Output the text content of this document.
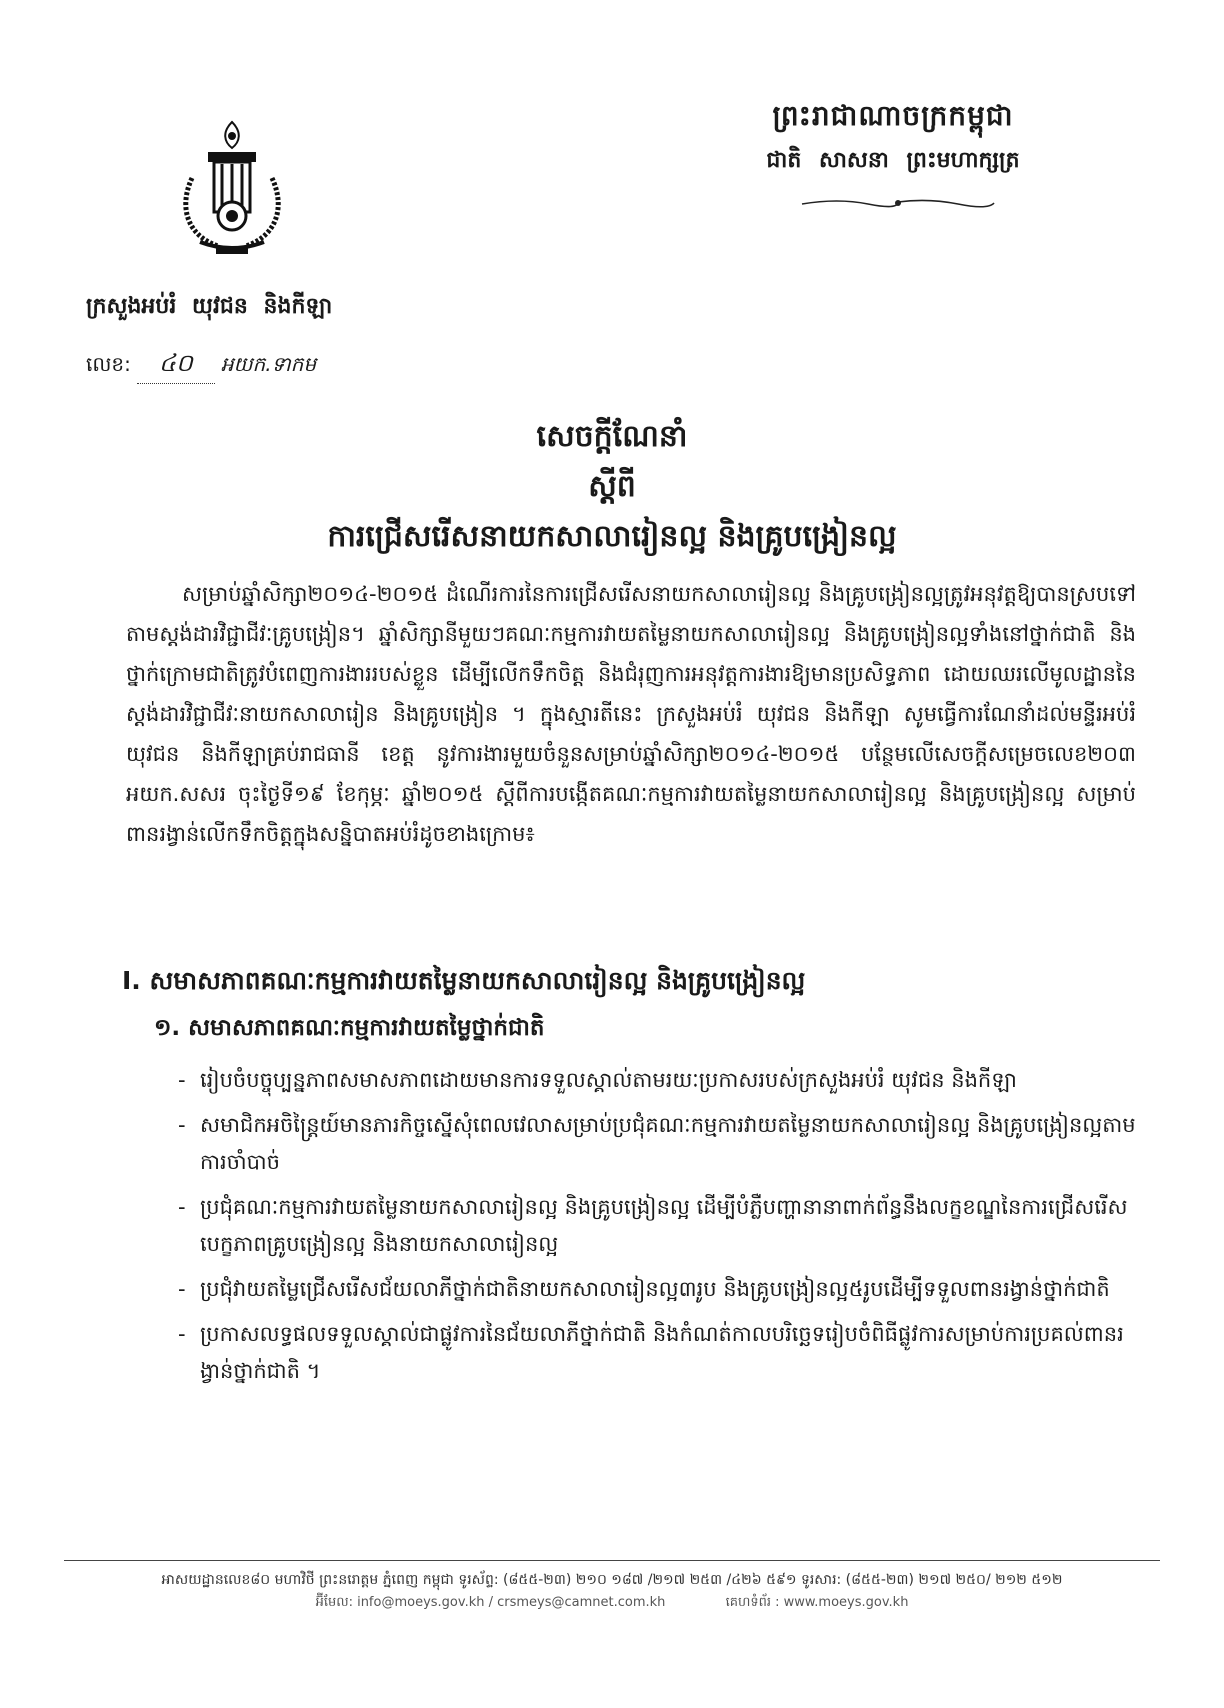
ព្រះរាជាណាចក្រកម្ពុជា
ជាតិ សាសនា ព្រះមហាក្សត្រ
ក្រសួងអប់រំ យុវជន និងកីឡា
លេខ:	៤០	អយក.ទាកម
សេចក្តីណែនាំ
ស្តីពី
ការជ្រើសរើសនាយកសាលារៀនល្អ និងគ្រូបង្រៀនល្អ
សម្រាប់ឆ្នាំសិក្សា២០១៤-២០១៥ ដំណើរការនៃការជ្រើសរើសនាយកសាលារៀនល្អ និងគ្រូបង្រៀនល្អត្រូវអនុវត្តឱ្យបានស្របទៅតាមស្តង់ដារវិជ្ជាជីវៈគ្រូបង្រៀន។ ឆ្នាំសិក្សានីមួយៗគណៈកម្មការវាយតម្លៃនាយកសាលារៀនល្អ និងគ្រូបង្រៀនល្អទាំងនៅថ្នាក់ជាតិ និងថ្នាក់ក្រោមជាតិត្រូវបំពេញការងាររបស់ខ្លួន ដើម្បីលើកទឹកចិត្ត និងជំរុញការអនុវត្តការងារឱ្យមានប្រសិទ្ធភាព ដោយឈរលើមូលដ្ឋាននៃស្តង់ដារវិជ្ជាជីវៈនាយកសាលារៀន និងគ្រូបង្រៀន ។ ក្នុងស្មារតីនេះ ក្រសួងអប់រំ យុវជន និងកីឡា សូមធ្វើការណែនាំដល់មន្ទីរអប់រំ យុវជន និងកីឡាគ្រប់រាជធានី ខេត្ត នូវការងារមួយចំនួនសម្រាប់ឆ្នាំសិក្សា២០១៤-២០១៥ បន្ថែមលើសេចក្តីសម្រេចលេខ២០៣ អយក.សសរ ចុះថ្ងៃទី១៩ ខែកុម្ភៈ ឆ្នាំ២០១៥ ស្តីពីការបង្កើតគណៈកម្មការវាយតម្លៃនាយកសាលារៀនល្អ និងគ្រូបង្រៀនល្អ សម្រាប់ពានរង្វាន់លើកទឹកចិត្តក្នុងសន្និបាតអប់រំដូចខាងក្រោម៖
I. សមាសភាពគណៈកម្មការវាយតម្លៃនាយកសាលារៀនល្អ និងគ្រូបង្រៀនល្អ
១. សមាសភាពគណៈកម្មការវាយតម្លៃថ្នាក់ជាតិ
- រៀបចំបច្ចុប្បន្នភាពសមាសភាពដោយមានការទទួលស្គាល់តាមរយៈប្រកាសរបស់ក្រសួងអប់រំ យុវជន និងកីឡា
- សមាជិកអចិន្ត្រៃយ៍មានភារកិច្ចស្នើសុំពេលវេលាសម្រាប់ប្រជុំគណៈកម្មការវាយតម្លៃនាយកសាលារៀនល្អ និងគ្រូបង្រៀនល្អតាមការចាំបាច់
- ប្រជុំគណៈកម្មការវាយតម្លៃនាយកសាលារៀនល្អ និងគ្រូបង្រៀនល្អ ដើម្បីបំភ្លឺបញ្ហានានាពាក់ព័ន្ធនឹងលក្ខខណ្ឌនៃការជ្រើសរើសបេក្ខភាពគ្រូបង្រៀនល្អ និងនាយកសាលារៀនល្អ
- ប្រជុំវាយតម្លៃជ្រើសរើសជ័យលាភីថ្នាក់ជាតិនាយកសាលារៀនល្អ៣រូប និងគ្រូបង្រៀនល្អ៥រូបដើម្បីទទួលពានរង្វាន់ថ្នាក់ជាតិ
- ប្រកាសលទ្ធផលទទួលស្គាល់ជាផ្លូវការនៃជ័យលាភីថ្នាក់ជាតិ និងកំណត់កាលបរិច្ឆេទរៀបចំពិធីផ្លូវការសម្រាប់ការប្រគល់ពានរង្វាន់ថ្នាក់ជាតិ ។
អាសយដ្ឋានលេខ៨០ មហាវិថី ព្រះនរោត្តម ភ្នំពេញ កម្ពុជា ទូរស័ព្ទ: (៨៥៥-២៣) ២១០ ១៨៧ /២១៧ ២៥៣ /៤២៦ ៥៩១ ទូរសារ: (៨៥៥-២៣) ២១៧ ២៥០/ ២១២ ៥១២
អ៊ីមែល: info@moeys.gov.kh / crsmeys@camnet.com.kh	គេហទំព័រ : www.moeys.gov.kh
